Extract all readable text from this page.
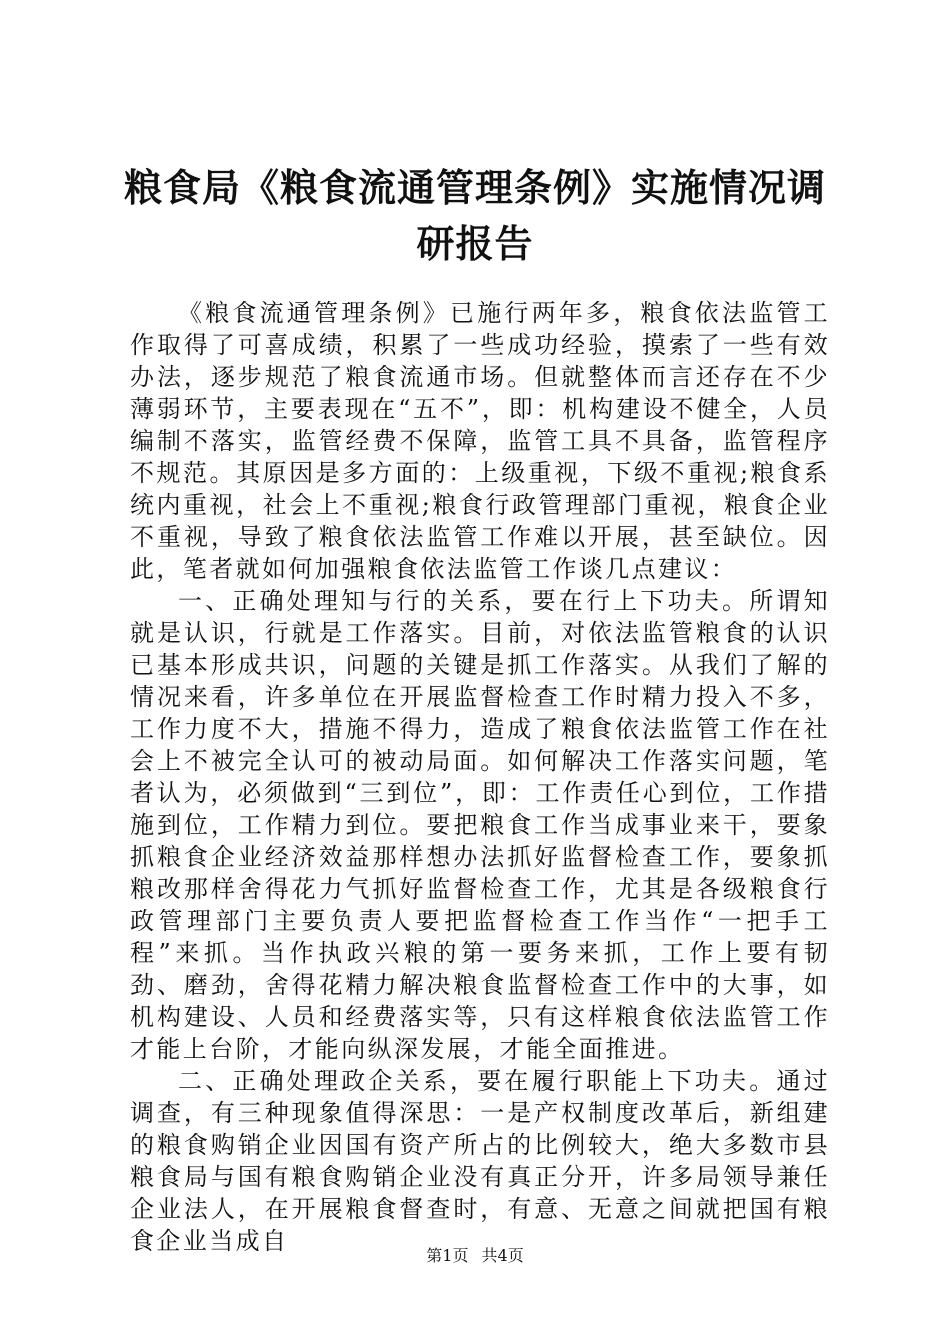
粮食局《粮食流通管理条例》实施情况调研报告

《粮食流通管理条例》已施行两年多，粮食依法监管工作取得了可喜成绩，积累了一些成功经验，摸索了一些有效办法，逐步规范了粮食流通市场。但就整体而言还存在不少薄弱环节，主要表现在“五不”，即：机构建设不健全，人员编制不落实，监管经费不保障，监管工具不具备，监管程序不规范。其原因是多方面的：上级重视，下级不重视;粮食系统内重视，社会上不重视;粮食行政管理部门重视，粮食企业不重视，导致了粮食依法监管工作难以开展，甚至缺位。因此，笔者就如何加强粮食依法监管工作谈几点建议：

一、正确处理知与行的关系，要在行上下功夫。所谓知就是认识，行就是工作落实。目前，对依法监管粮食的认识已基本形成共识，问题的关键是抓工作落实。从我们了解的情况来看，许多单位在开展监督检查工作时精力投入不多，工作力度不大，措施不得力，造成了粮食依法监管工作在社会上不被完全认可的被动局面。如何解决工作落实问题，笔者认为，必须做到“三到位”，即：工作责任心到位，工作措施到位，工作精力到位。要把粮食工作当成事业来干，要象抓粮食企业经济效益那样想办法抓好监督检查工作，要象抓粮改那样舍得花力气抓好监督检查工作，尤其是各级粮食行政管理部门主要负责人要把监督检查工作当作“一把手工程”来抓。当作执政兴粮的第一要务来抓，工作上要有韧劲、磨劲，舍得花精力解决粮食监督检查工作中的大事，如机构建设、人员和经费落实等，只有这样粮食依法监管工作才能上台阶，才能向纵深发展，才能全面推进。

二、正确处理政企关系，要在履行职能上下功夫。通过调查，有三种现象值得深思：一是产权制度改革后，新组建的粮食购销企业因国有资产所占的比例较大，绝大多数市县粮食局与国有粮食购销企业没有真正分开，许多局领导兼任企业法人，在开展粮食督查时，有意、无意之间就把国有粮食企业当成自

第1页 共4页
